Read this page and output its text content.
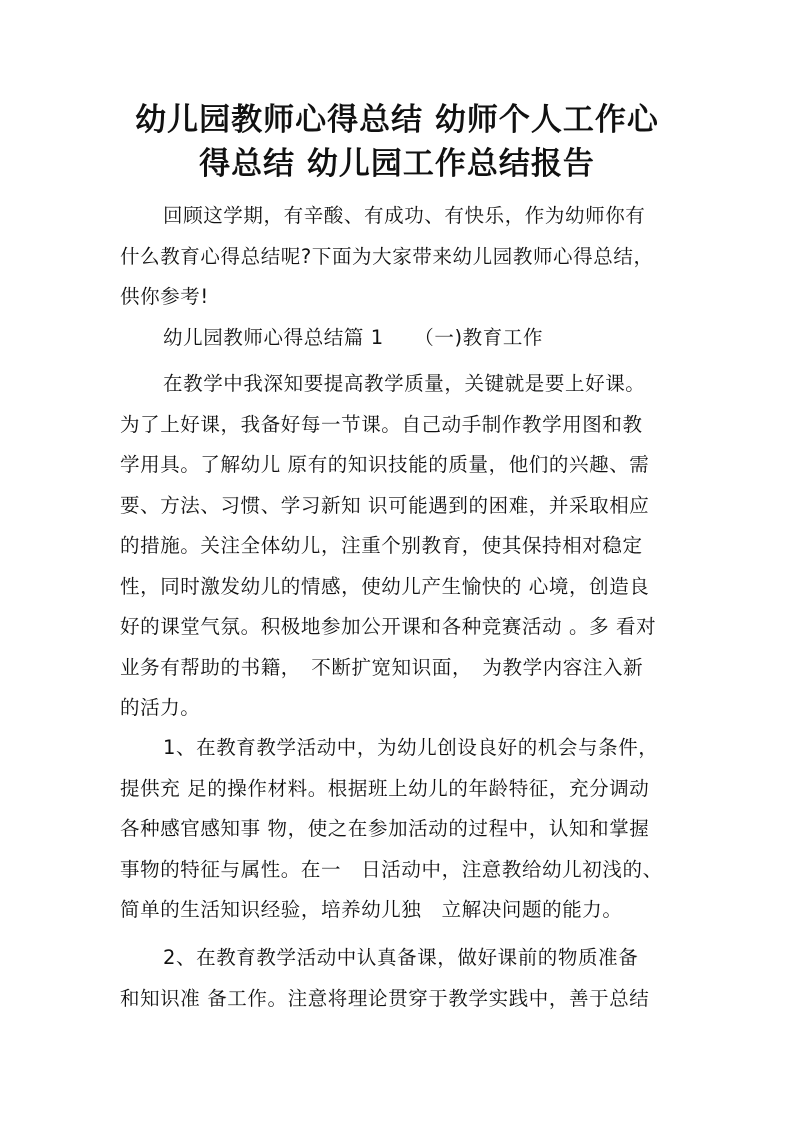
幼儿园教师心得总结 幼师个人工作心
得总结 幼儿园工作总结报告
回顾这学期，有辛酸、有成功、有快乐，作为幼师你有
什么教育心得总结呢?下面为大家带来幼儿园教师心得总结，
供你参考!
幼儿园教师心得总结篇 1　　（一)教育工作
在教学中我深知要提高教学质量，关键就是要上好课。
为了上好课，我备好每一节课。自己动手制作教学用图和教
学用具。了解幼儿 原有的知识技能的质量，他们的兴趣、需
要、方法、习惯、学习新知 识可能遇到的困难，并采取相应
的措施。关注全体幼儿，注重个别教育，使其保持相对稳定
性，同时激发幼儿的情感，使幼儿产生愉快的 心境，创造良
好的课堂气氛。积极地参加公开课和各种竞赛活动 。多 看对
业务有帮助的书籍，　不断扩宽知识面，　为教学内容注入新
的活力。
1、在教育教学活动中，为幼儿创设良好的机会与条件，
提供充 足的操作材料。根据班上幼儿的年龄特征，充分调动
各种感官感知事 物，使之在参加活动的过程中，认知和掌握
事物的特征与属性。在一　日活动中，注意教给幼儿初浅的、
简单的生活知识经验，培养幼儿独　立解决问题的能力。
2、在教育教学活动中认真备课，做好课前的物质准备
和知识准 备工作。注意将理论贯穿于教学实践中，善于总结
